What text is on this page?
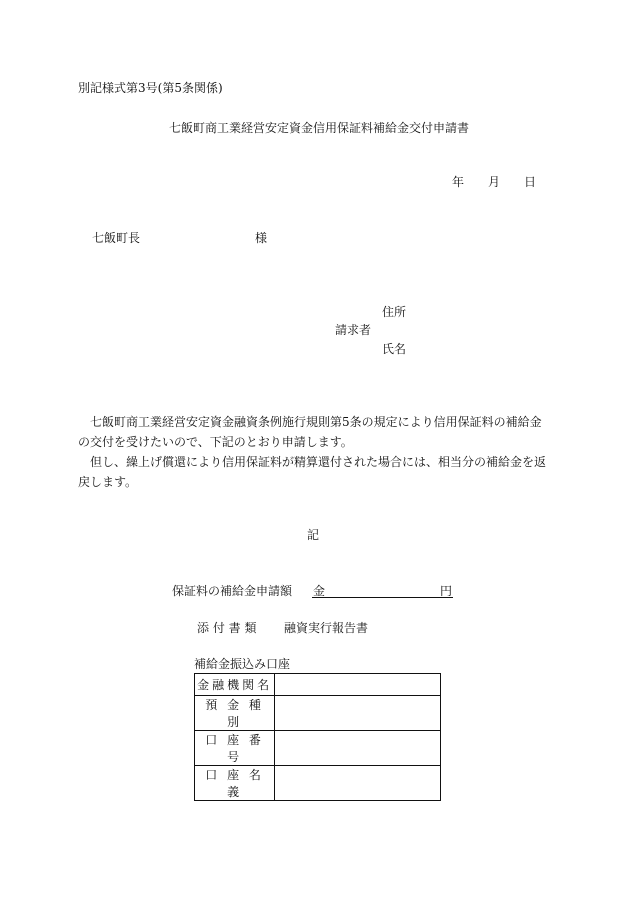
別記様式第3号(第5条関係)
七飯町商工業経営安定資金信用保証料補給金交付申請書
年 月 日
七飯町長	様
住所
請求者
氏名
七飯町商工業経営安定資金融資条例施行規則第5条の規定により信用保証料の補給金の交付を受けたいので、下記のとおり申請します。
但し、繰上げ償還により信用保証料が精算還付された場合には、相当分の補給金を返戻します。
記
保証料の補給金申請額 金	円
添 付 書 類 融資実行報告書
補給金振込み口座
金融機関名	
預 金 種 別	
口 座 番 号	
口 座 名 義	
